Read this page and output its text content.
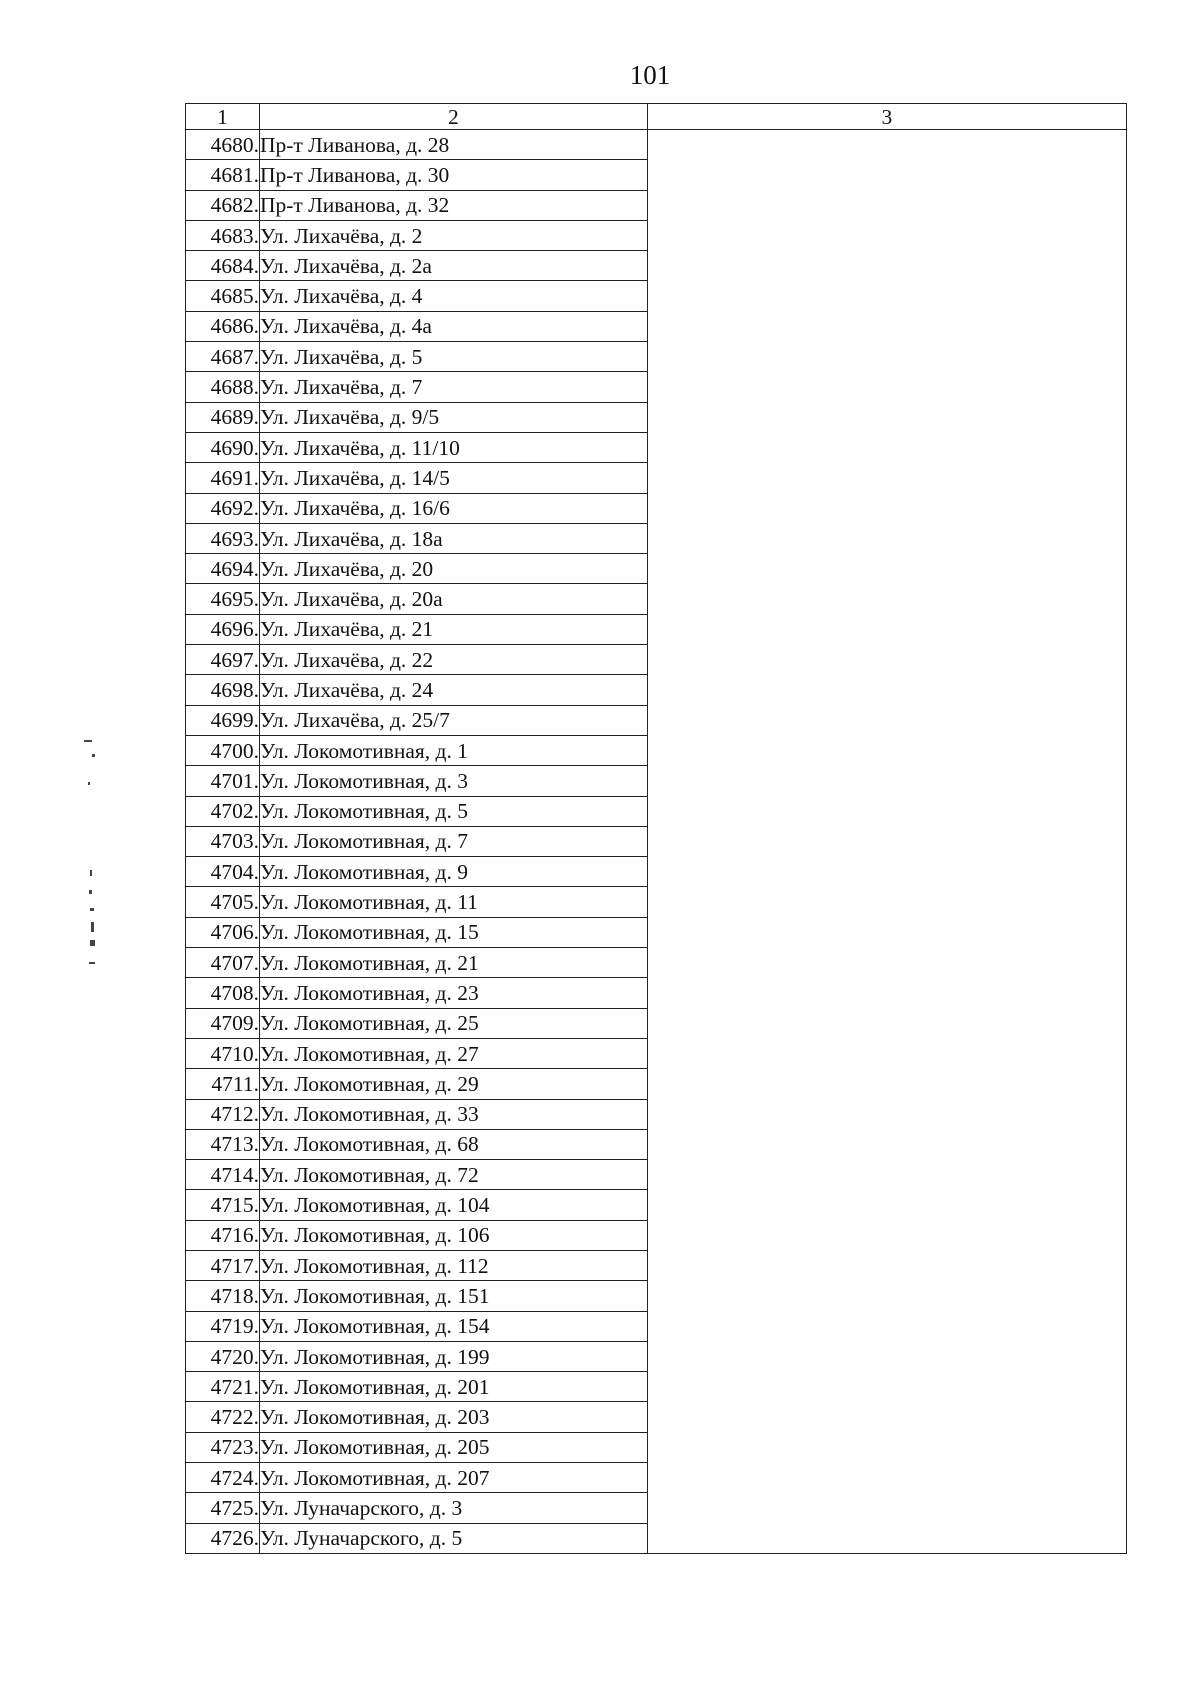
101
1	2	3
4680.	Пр-т Ливанова, д. 28	
4681.	Пр-т Ливанова, д. 30	
4682.	Пр-т Ливанова, д. 32	
4683.	Ул. Лихачёва, д. 2	
4684.	Ул. Лихачёва, д. 2а	
4685.	Ул. Лихачёва, д. 4	
4686.	Ул. Лихачёва, д. 4а	
4687.	Ул. Лихачёва, д. 5	
4688.	Ул. Лихачёва, д. 7	
4689.	Ул. Лихачёва, д. 9/5	
4690.	Ул. Лихачёва, д. 11/10	
4691.	Ул. Лихачёва, д. 14/5	
4692.	Ул. Лихачёва, д. 16/6	
4693.	Ул. Лихачёва, д. 18а	
4694.	Ул. Лихачёва, д. 20	
4695.	Ул. Лихачёва, д. 20а	
4696.	Ул. Лихачёва, д. 21	
4697.	Ул. Лихачёва, д. 22	
4698.	Ул. Лихачёва, д. 24	
4699.	Ул. Лихачёва, д. 25/7	
4700.	Ул. Локомотивная, д. 1	
4701.	Ул. Локомотивная, д. 3	
4702.	Ул. Локомотивная, д. 5	
4703.	Ул. Локомотивная, д. 7	
4704.	Ул. Локомотивная, д. 9	
4705.	Ул. Локомотивная, д. 11	
4706.	Ул. Локомотивная, д. 15	
4707.	Ул. Локомотивная, д. 21	
4708.	Ул. Локомотивная, д. 23	
4709.	Ул. Локомотивная, д. 25	
4710.	Ул. Локомотивная, д. 27	
4711.	Ул. Локомотивная, д. 29	
4712.	Ул. Локомотивная, д. 33	
4713.	Ул. Локомотивная, д. 68	
4714.	Ул. Локомотивная, д. 72	
4715.	Ул. Локомотивная, д. 104	
4716.	Ул. Локомотивная, д. 106	
4717.	Ул. Локомотивная, д. 112	
4718.	Ул. Локомотивная, д. 151	
4719.	Ул. Локомотивная, д. 154	
4720.	Ул. Локомотивная, д. 199	
4721.	Ул. Локомотивная, д. 201	
4722.	Ул. Локомотивная, д. 203	
4723.	Ул. Локомотивная, д. 205	
4724.	Ул. Локомотивная, д. 207	
4725.	Ул. Луначарского, д. 3	
4726.	Ул. Луначарского, д. 5	
